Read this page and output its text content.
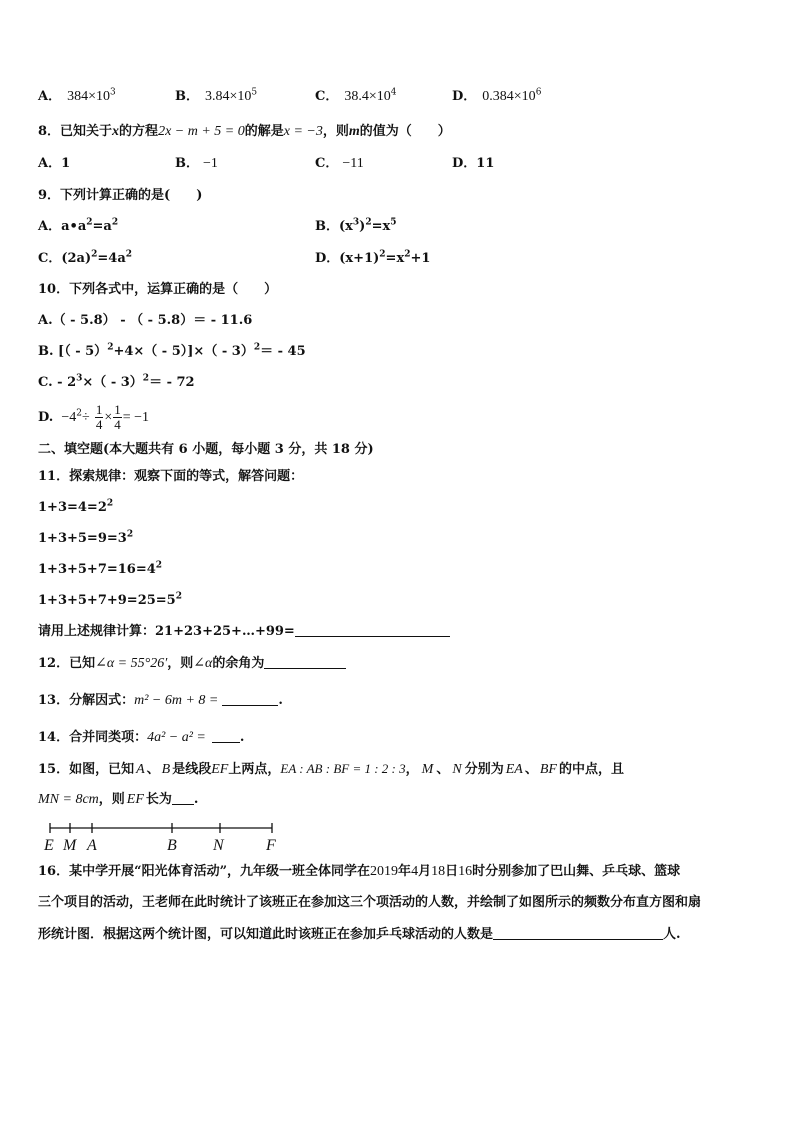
A． $384\times 10^3$	B． $3.84\times 10^5$	C． $38.4\times 10^4$	D． $0.384\times 10^6$
8．已知关于x的方程2x − m + 5 = 0的解是x = −3，则m的值为（　　）
A．1	B． −1	C． −11	D．11
9．下列计算正确的是(　　)
A．$a•a^2=a^2$	B．$(x^3)^2=x^5$
C．$(2a)^2=4a^2$	D．$(x+1)^2=x^2+1$
10．下列各式中，运算正确的是（　　）
A.（ - 5.8） - （ - 5.8）＝ - 11.6
B. [（ - 5）$^2$+4×（ - 5）]×（ - 3）$^2$＝ - 45
C. - $2^3\times( - 3)^2= - 72$
D. $-4^2\div \frac{1}{4} \times \frac{1}{4} = -1$
二、填空题(本大题共有 6 小题，每小题 3 分，共 18 分)
11．探索规律：观察下面的等式，解答问题：
$1+3=4=2^2$
$1+3+5=9=3^2$
$1+3+5+7=16=4^2$
$1+3+5+7+9=25=5^2$
请用上述规律计算：21+23+25+…+99=
12．已知∠α = 55°26′，则∠α的余角为
13．分解因式：m² − 6m + 8 =	.
14．合并同类项：4a² − a² =	.
15．如图，已知 A 、 B 是线段EF上两点，EA : AB : BF = 1 : 2 : 3， M 、 N 分别为 EA 、 BF 的中点，且
MN = 8cm，则 EF 长为 .
E M A	B N	F
16．某中学开展“阳光体育活动”，九年级一班全体同学在2019年4月18日16时分别参加了巴山舞、乒乓球、篮球
三个项目的活动，王老师在此时统计了该班正在参加这三个项活动的人数，并绘制了如图所示的频数分布直方图和扇
形统计图．根据这两个统计图，可以知道此时该班正在参加乒乓球活动的人数是	人.
